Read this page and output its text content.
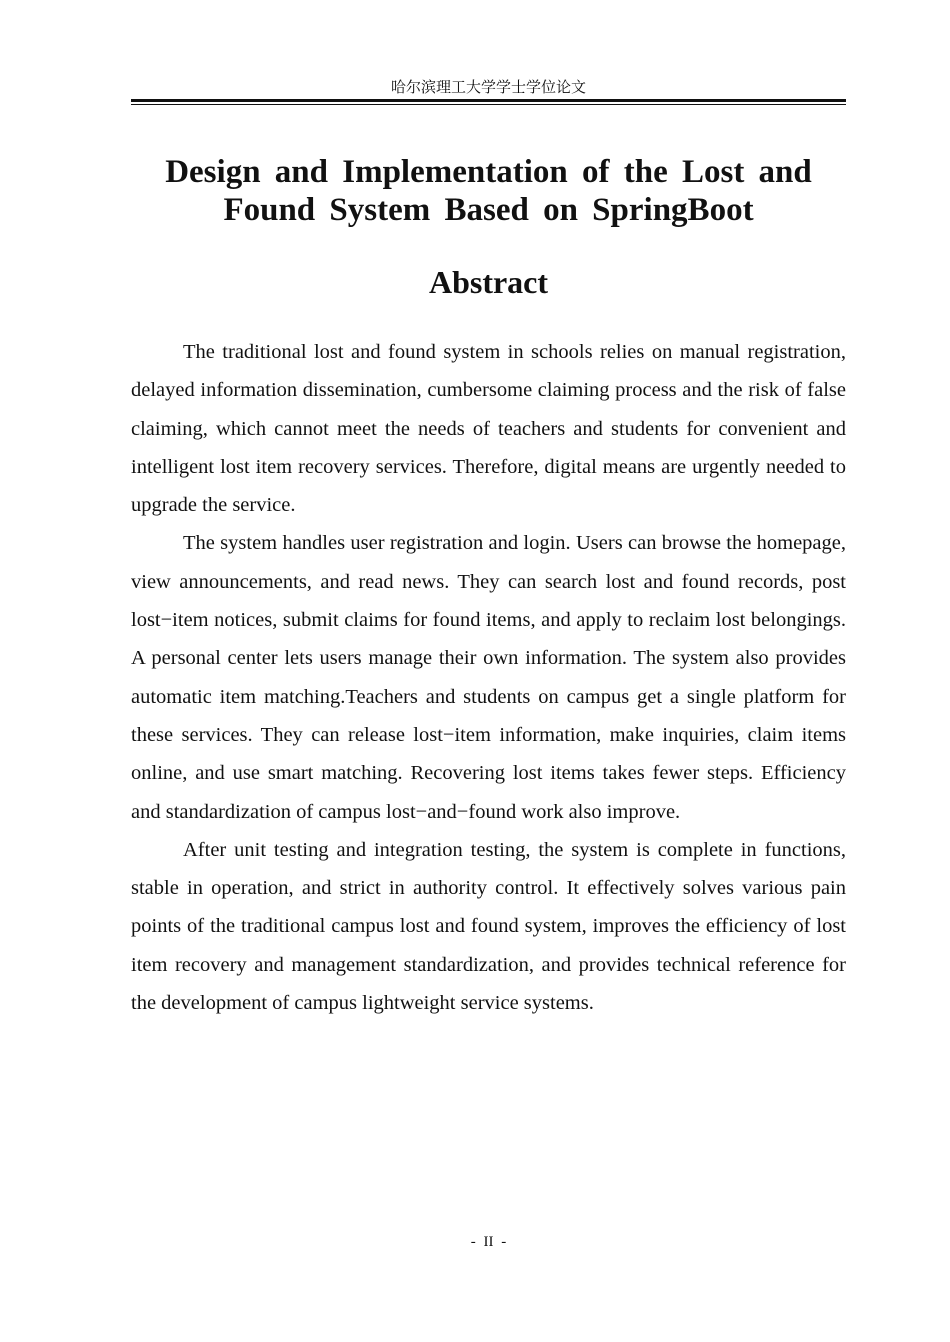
哈尔滨理工大学学士学位论文
Design and Implementation of the Lost and Found System Based on SpringBoot
Abstract

The traditional lost and found system in schools relies on manual registration, delayed information dissemination, cumbersome claiming process and the risk of false claiming, which cannot meet the needs of teachers and students for convenient and intelligent lost item recovery services. Therefore, digital means are urgently needed to upgrade the service.

The system handles user registration and login. Users can browse the homepage, view announcements, and read news. They can search lost and found records, post lost−item notices, submit claims for found items, and apply to reclaim lost belongings. A personal center lets users manage their own information. The system also provides automatic item matching.Teachers and students on campus get a single platform for these services. They can release lost−item information, make inquiries, claim items online, and use smart matching. Recovering lost items takes fewer steps. Efficiency and standardization of campus lost−and−found work also improve.

After unit testing and integration testing, the system is complete in functions, stable in operation, and strict in authority control. It effectively solves various pain points of the traditional campus lost and found system, improves the efficiency of lost item recovery and management standardization, and provides technical reference for the development of campus lightweight service systems.

- II -
